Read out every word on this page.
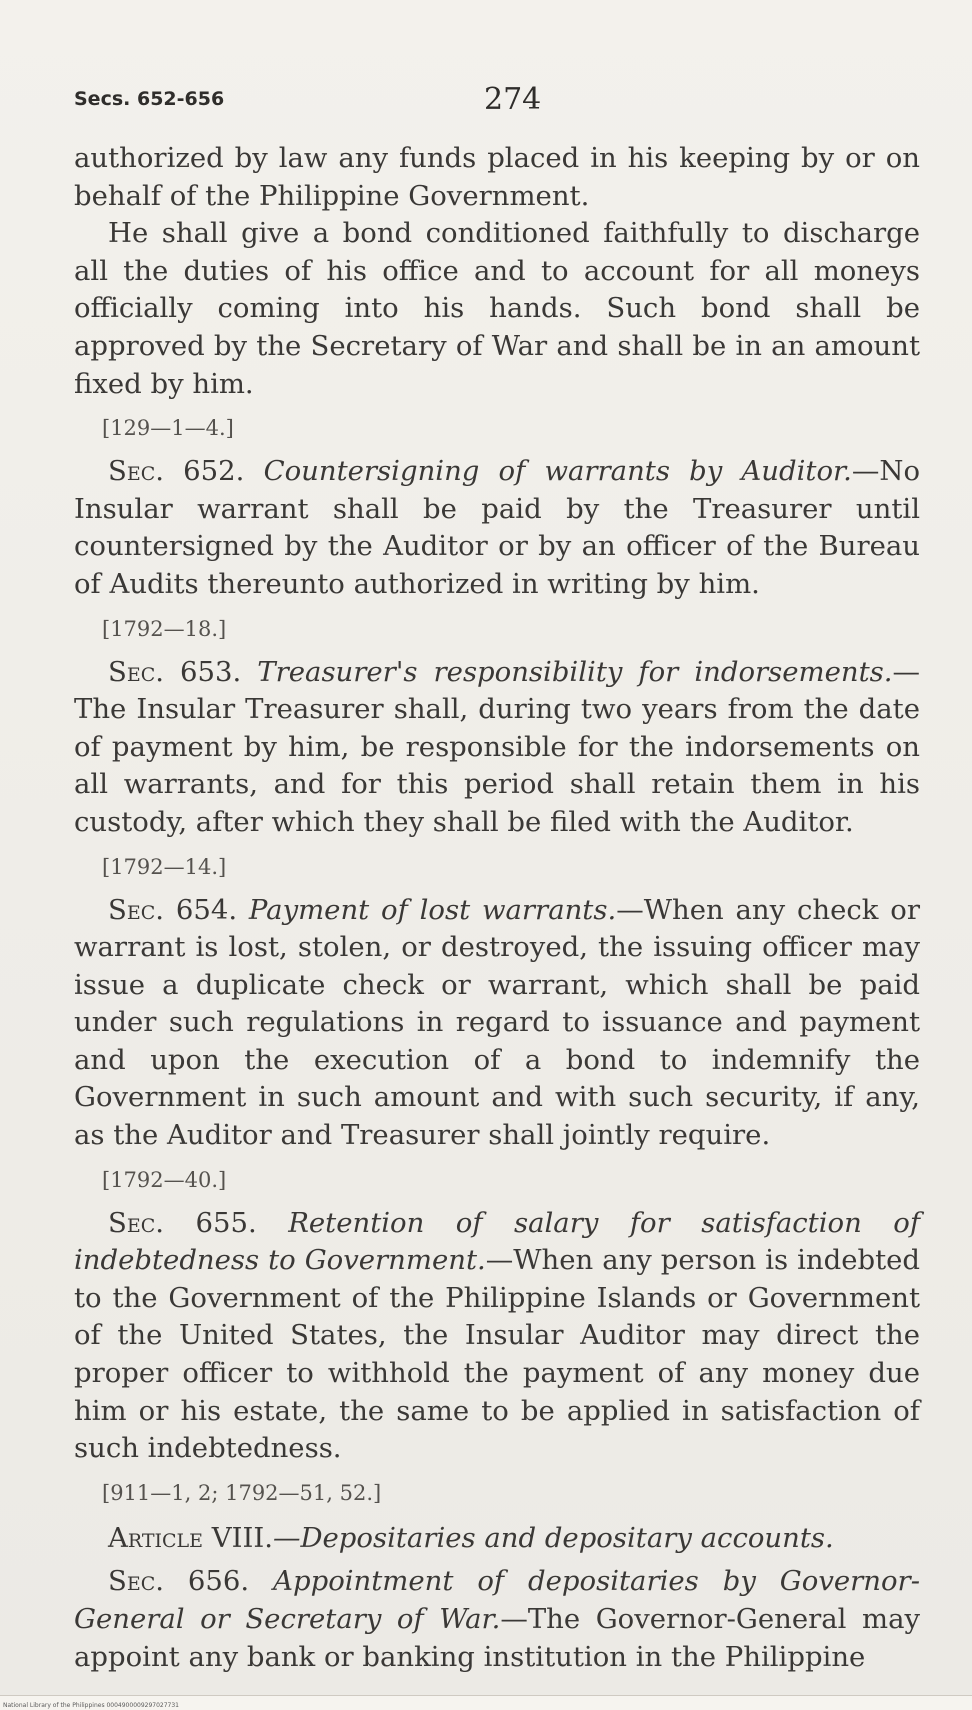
Secs. 652-656	274

authorized by law any funds placed in his keeping by or on behalf of the Philippine Government.

He shall give a bond conditioned faithfully to discharge all the duties of his office and to account for all moneys officially coming into his hands. Such bond shall be approved by the Secretary of War and shall be in an amount fixed by him.

[129—1—4.]

Sec. 652. Countersigning of warrants by Auditor.—No Insular warrant shall be paid by the Treasurer until countersigned by the Auditor or by an officer of the Bureau of Audits thereunto authorized in writing by him.

[1792—18.]

Sec. 653. Treasurer's responsibility for indorsements.—The Insular Treasurer shall, during two years from the date of payment by him, be responsible for the indorsements on all warrants, and for this period shall retain them in his custody, after which they shall be filed with the Auditor.

[1792—14.]

Sec. 654. Payment of lost warrants.—When any check or warrant is lost, stolen, or destroyed, the issuing officer may issue a duplicate check or warrant, which shall be paid under such regulations in regard to issuance and payment and upon the execution of a bond to indemnify the Government in such amount and with such security, if any, as the Auditor and Treasurer shall jointly require.

[1792—40.]

Sec. 655. Retention of salary for satisfaction of indebtedness to Government.—When any person is indebted to the Government of the Philippine Islands or Government of the United States, the Insular Auditor may direct the proper officer to withhold the payment of any money due him or his estate, the same to be applied in satisfaction of such indebtedness.

[911—1, 2; 1792—51, 52.]

Article VIII.—Depositaries and depositary accounts.

Sec. 656. Appointment of depositaries by Governor-General or Secretary of War.—The Governor-General may appoint any bank or banking institution in the Philippine

National Library of the Philippines 0004900009297027731
